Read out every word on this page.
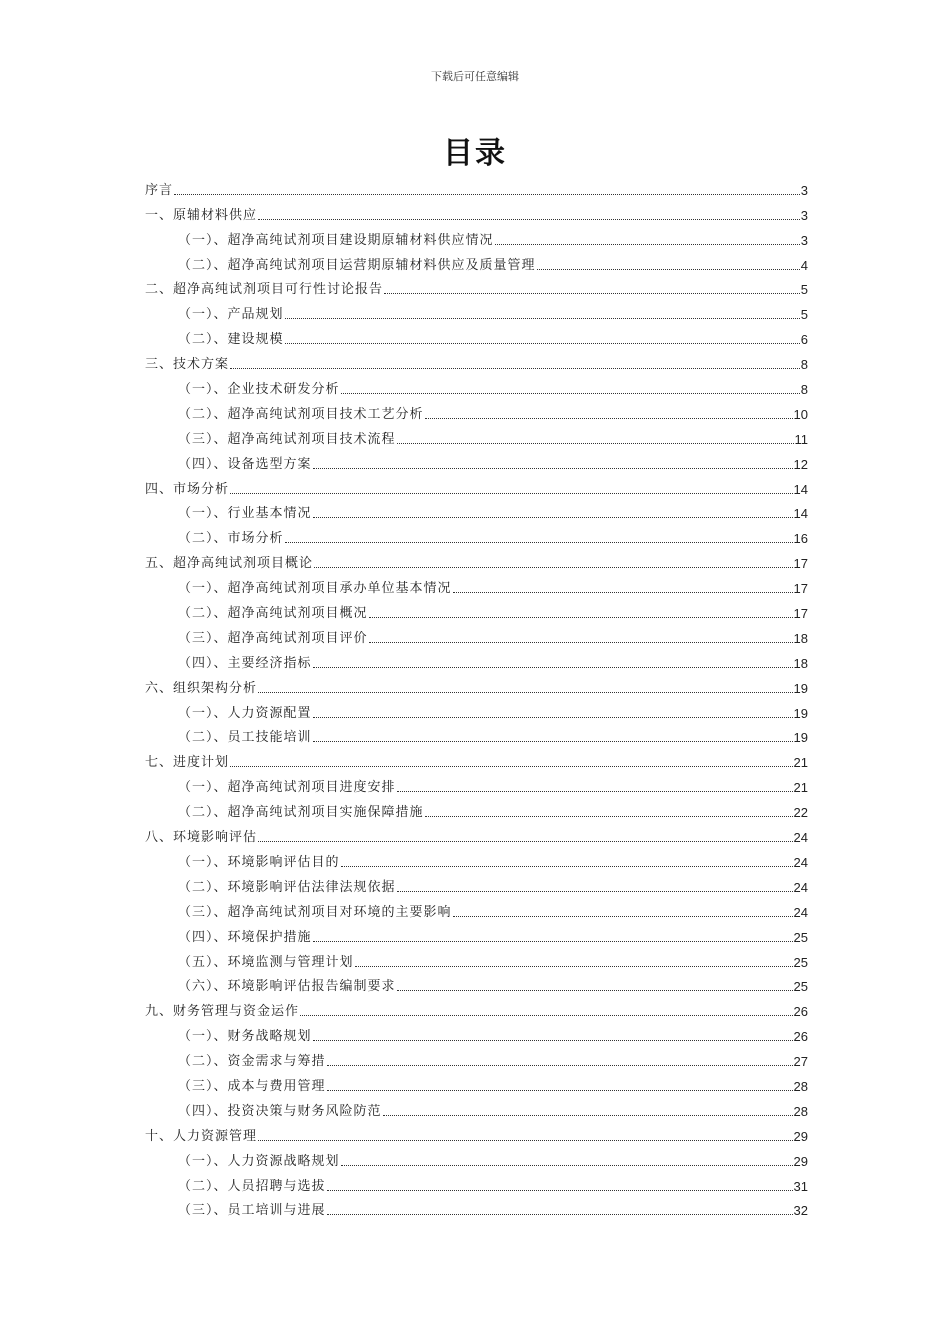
下载后可任意编辑
目录
序言	3
一、原辅材料供应	3
（一）、超净高纯试剂项目建设期原辅材料供应情况	3
（二）、超净高纯试剂项目运营期原辅材料供应及质量管理	4
二、超净高纯试剂项目可行性讨论报告	5
（一）、产品规划	5
（二）、建设规模	6
三、技术方案	8
（一）、企业技术研发分析	8
（二）、超净高纯试剂项目技术工艺分析	10
（三）、超净高纯试剂项目技术流程	11
（四）、设备选型方案	12
四、市场分析	14
（一）、行业基本情况	14
（二）、市场分析	16
五、超净高纯试剂项目概论	17
（一）、超净高纯试剂项目承办单位基本情况	17
（二）、超净高纯试剂项目概况	17
（三）、超净高纯试剂项目评价	18
（四）、主要经济指标	18
六、组织架构分析	19
（一）、人力资源配置	19
（二）、员工技能培训	19
七、进度计划	21
（一）、超净高纯试剂项目进度安排	21
（二）、超净高纯试剂项目实施保障措施	22
八、环境影响评估	24
（一）、环境影响评估目的	24
（二）、环境影响评估法律法规依据	24
（三）、超净高纯试剂项目对环境的主要影响	24
（四）、环境保护措施	25
（五）、环境监测与管理计划	25
（六）、环境影响评估报告编制要求	25
九、财务管理与资金运作	26
（一）、财务战略规划	26
（二）、资金需求与筹措	27
（三）、成本与费用管理	28
（四）、投资决策与财务风险防范	28
十、人力资源管理	29
（一）、人力资源战略规划	29
（二）、人员招聘与选拔	31
（三）、员工培训与进展	32
